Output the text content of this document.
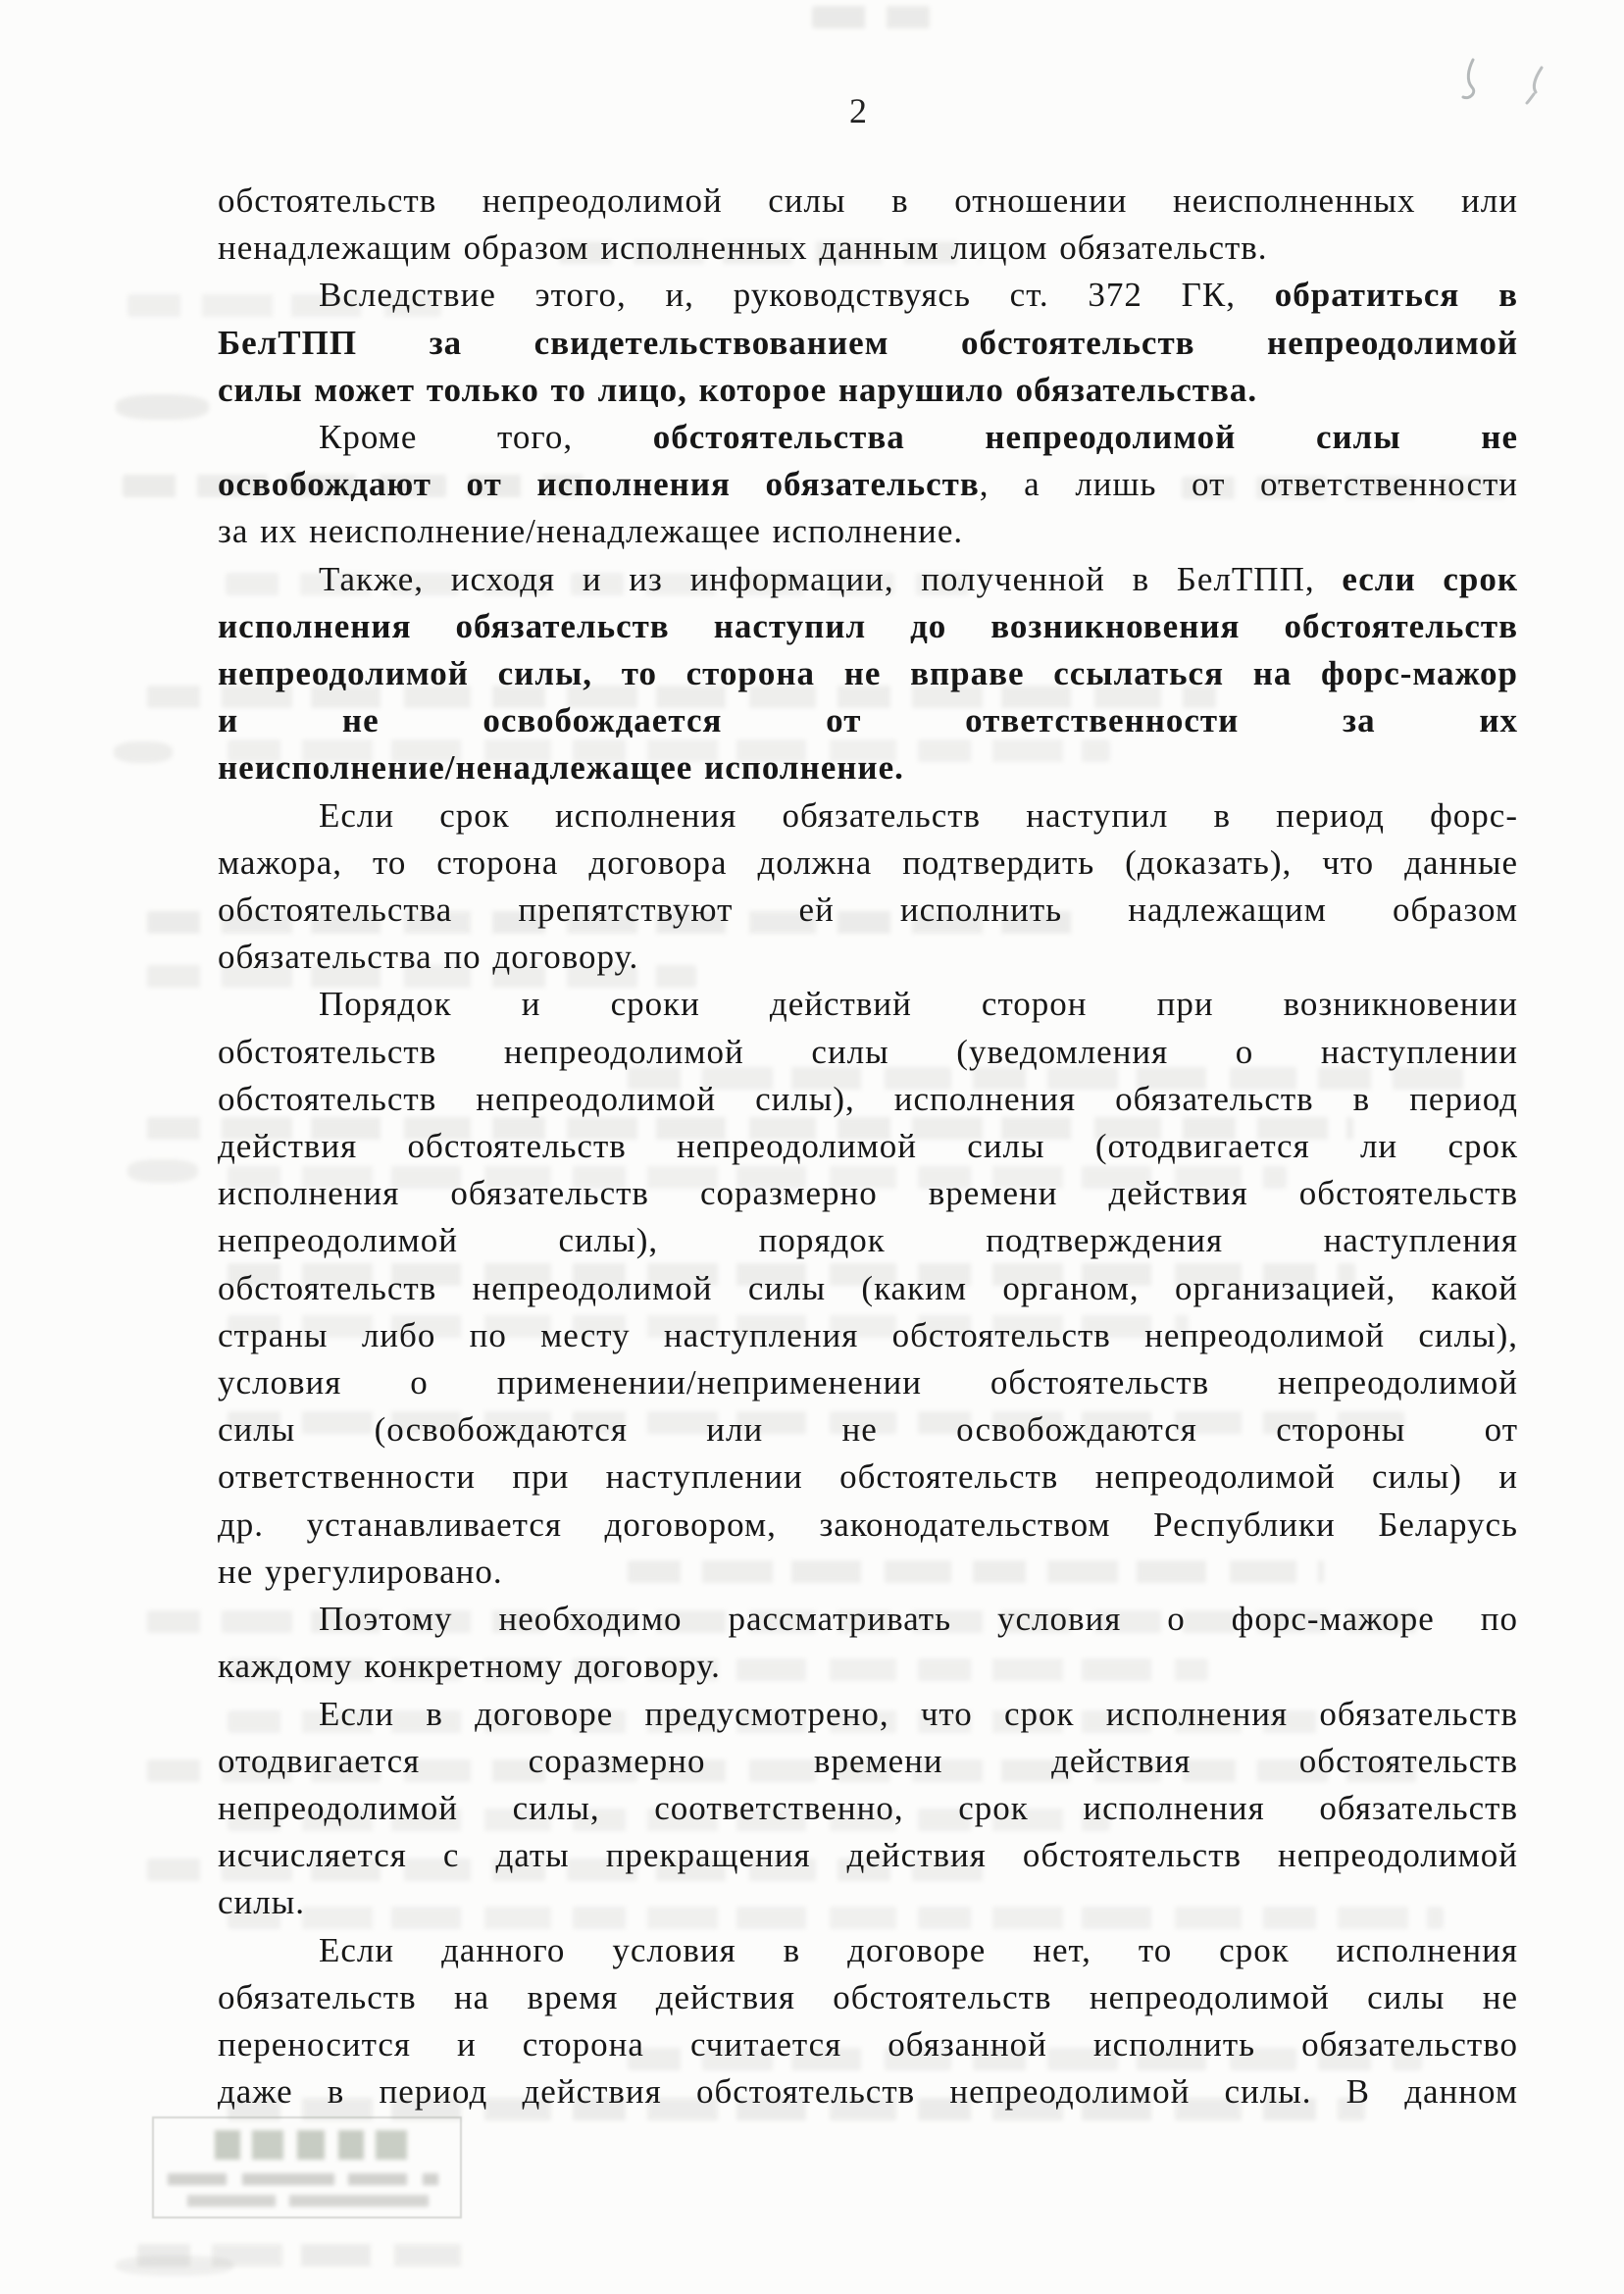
2
обстоятельств непреодолимой силы в отношении неисполненных или
ненадлежащим образом исполненных данным лицом обязательств.
Вследствие этого, и, руководствуясь ст. 372 ГК, обратиться в
БелТПП за свидетельствованием обстоятельств непреодолимой
силы может только то лицо, которое нарушило обязательства.
Кроме того, обстоятельства непреодолимой силы не
освобождают от исполнения обязательств, а лишь от ответственности
за их неисполнение/ненадлежащее исполнение.
Также, исходя и из информации, полученной в БелТПП, если срок
исполнения обязательств наступил до возникновения обстоятельств
непреодолимой силы, то сторона не вправе ссылаться на форс-мажор
и не освобождается от ответственности за их
неисполнение/ненадлежащее исполнение.
Если срок исполнения обязательств наступил в период форс-
мажора, то сторона договора должна подтвердить (доказать), что данные
обстоятельства препятствуют ей исполнить надлежащим образом
обязательства по договору.
Порядок и сроки действий сторон при возникновении
обстоятельств непреодолимой силы (уведомления о наступлении
обстоятельств непреодолимой силы), исполнения обязательств в период
действия обстоятельств непреодолимой силы (отодвигается ли срок
исполнения обязательств соразмерно времени действия обстоятельств
непреодолимой силы), порядок подтверждения наступления
обстоятельств непреодолимой силы (каким органом, организацией, какой
страны либо по месту наступления обстоятельств непреодолимой силы),
условия о применении/неприменении обстоятельств непреодолимой
силы (освобождаются или не освобождаются стороны от
ответственности при наступлении обстоятельств непреодолимой силы) и
др. устанавливается договором, законодательством Республики Беларусь
не урегулировано.
Поэтому необходимо рассматривать условия о форс-мажоре по
каждому конкретному договору.
Если в договоре предусмотрено, что срок исполнения обязательств
отодвигается соразмерно времени действия обстоятельств
непреодолимой силы, соответственно, срок исполнения обязательств
исчисляется с даты прекращения действия обстоятельств непреодолимой
силы.
Если данного условия в договоре нет, то срок исполнения
обязательств на время действия обстоятельств непреодолимой силы не
переносится и сторона считается обязанной исполнить обязательство
даже в период действия обстоятельств непреодолимой силы. В данном
